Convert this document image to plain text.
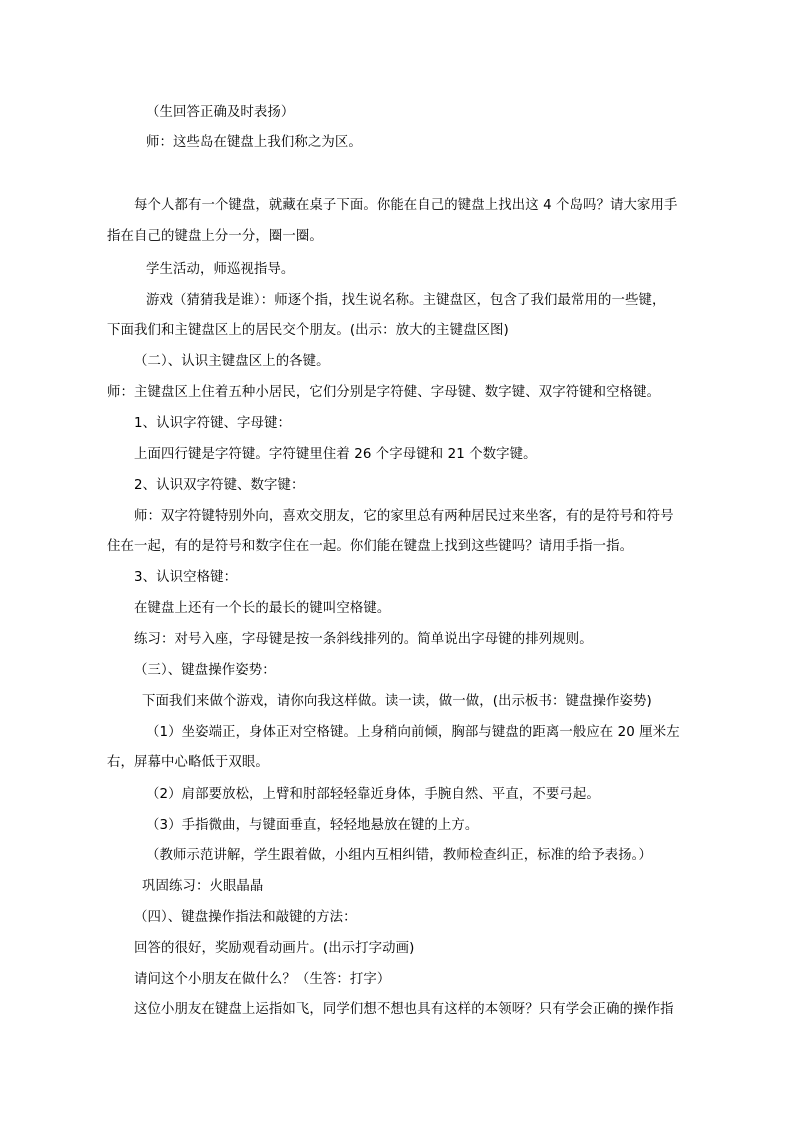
（生回答正确及时表扬）
师：这些岛在键盘上我们称之为区。
每个人都有一个键盘，就藏在桌子下面。你能在自己的键盘上找出这 4 个岛吗？请大家用手
指在自己的键盘上分一分，圈一圈。
学生活动，师巡视指导。
游戏（猜猜我是谁）：师逐个指，找生说名称。主键盘区，包含了我们最常用的一些键，
下面我们和主键盘区上的居民交个朋友。(出示：放大的主键盘区图)
（二）、认识主键盘区上的各键。
师：主键盘区上住着五种小居民，它们分别是字符健、字母键、数字键、双字符键和空格键。
1、认识字符键、字母键：
上面四行键是字符键。字符键里住着 26 个字母键和 21 个数字键。
2、认识双字符键、数字键：
师：双字符键特别外向，喜欢交朋友，它的家里总有两种居民过来坐客，有的是符号和符号
住在一起，有的是符号和数字住在一起。你们能在键盘上找到这些键吗？请用手指一指。
3、认识空格键：
在键盘上还有一个长的最长的键叫空格键。
练习：对号入座，字母键是按一条斜线排列的。简单说出字母键的排列规则。
（三）、键盘操作姿势：
下面我们来做个游戏，请你向我这样做。读一读，做一做，(出示板书：键盘操作姿势)
（1）坐姿端正，身体正对空格键。上身稍向前倾，胸部与键盘的距离一般应在 20 厘米左
右，屏幕中心略低于双眼。
（2）肩部要放松，上臂和肘部轻轻靠近身体，手腕自然、平直，不要弓起。
（3）手指微曲，与键面垂直，轻轻地悬放在键的上方。
（教师示范讲解，学生跟着做，小组内互相纠错，教师检查纠正，标准的给予表扬。）
巩固练习：火眼晶晶
（四）、键盘操作指法和敲键的方法：
回答的很好，奖励观看动画片。(出示打字动画)
请问这个小朋友在做什么？（生答：打字）
这位小朋友在键盘上运指如飞，同学们想不想也具有这样的本领呀？只有学会正确的操作指
